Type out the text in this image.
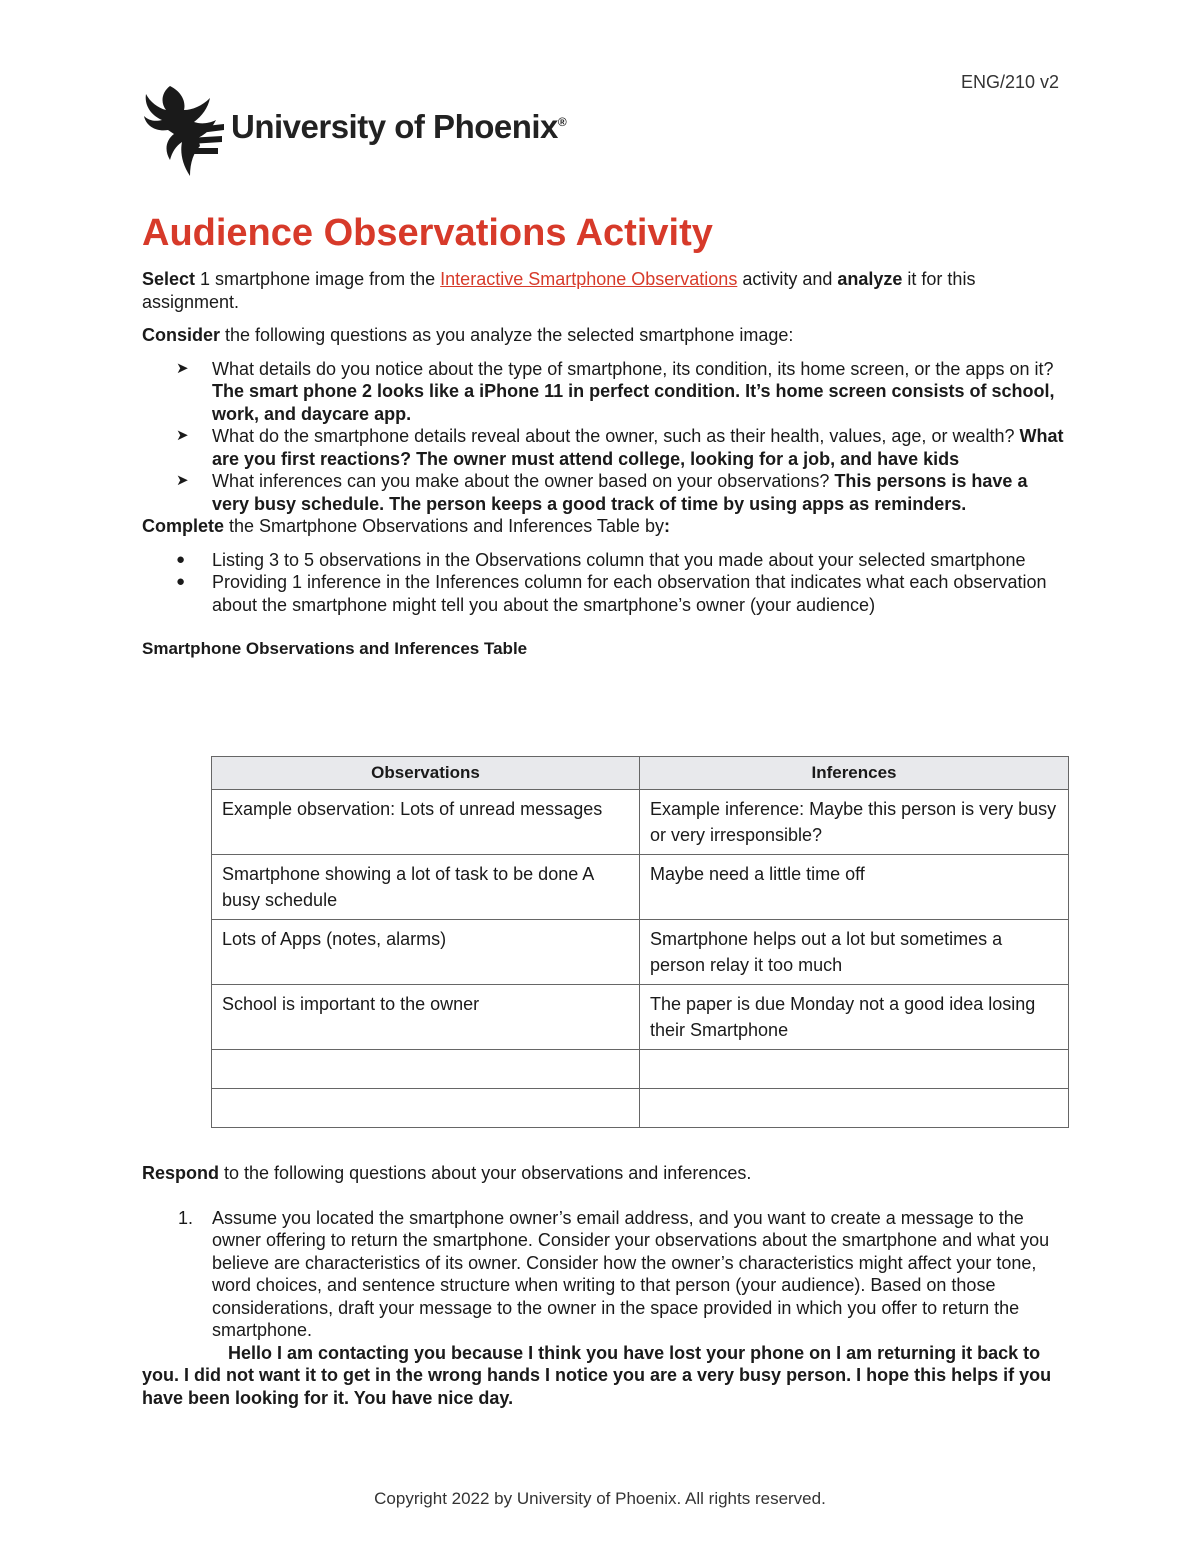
ENG/210 v2
University of Phoenix®
Audience Observations Activity

Select 1 smartphone image from the Interactive Smartphone Observations activity and analyze it for this assignment.

Consider the following questions as you analyze the selected smartphone image:

➤ What details do you notice about the type of smartphone, its condition, its home screen, or the apps on it? The smart phone 2 looks like a iPhone 11 in perfect condition. It’s home screen consists of school, work, and daycare app.
➤ What do the smartphone details reveal about the owner, such as their health, values, age, or wealth? What are you first reactions? The owner must attend college, looking for a job, and have kids
➤ What inferences can you make about the owner based on your observations? This persons is have a very busy schedule. The person keeps a good track of time by using apps as reminders.

Complete the Smartphone Observations and Inferences Table by:

● Listing 3 to 5 observations in the Observations column that you made about your selected smartphone
● Providing 1 inference in the Inferences column for each observation that indicates what each observation about the smartphone might tell you about the smartphone’s owner (your audience)

Smartphone Observations and Inferences Table

Observations	Inferences
Example observation: Lots of unread messages	Example inference: Maybe this person is very busy or very irresponsible?
Smartphone showing a lot of task to be done A busy schedule	Maybe need a little time off
Lots of Apps (notes, alarms)	Smartphone helps out a lot but sometimes a person relay it too much
School is important to the owner	The paper is due Monday not a good idea losing their Smartphone

Respond to the following questions about your observations and inferences.

1. Assume you located the smartphone owner’s email address, and you want to create a message to the owner offering to return the smartphone. Consider your observations about the smartphone and what you believe are characteristics of its owner. Consider how the owner’s characteristics might affect your tone, word choices, and sentence structure when writing to that person (your audience). Based on those considerations, draft your message to the owner in the space provided in which you offer to return the smartphone.

Hello I am contacting you because I think you have lost your phone on I am returning it back to you. I did not want it to get in the wrong hands I notice you are a very busy person. I hope this helps if you have been looking for it. You have nice day.

Copyright 2022 by University of Phoenix. All rights reserved.
